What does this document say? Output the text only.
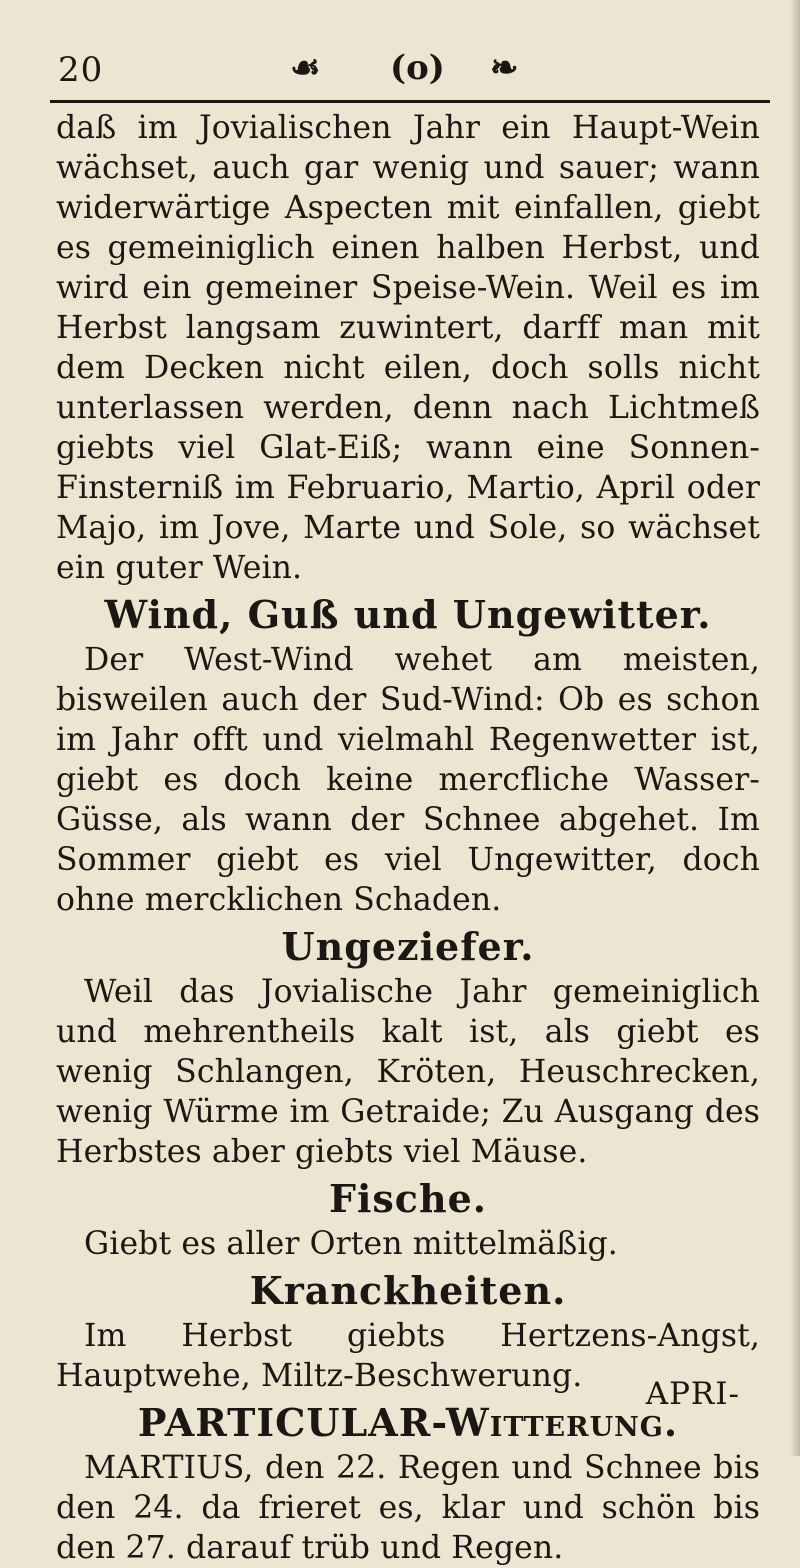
20	☙ (o) ❧

daß im Jovialischen Jahr ein Haupt-Wein wächset, auch gar wenig und sauer; wann widerwärtige Aspecten mit einfallen, giebt es gemeiniglich einen halben Herbst, und wird ein gemeiner Speise-Wein. Weil es im Herbst langsam zuwintert, darff man mit dem Decken nicht eilen, doch solls nicht unterlassen werden, denn nach Lichtmeß giebts viel Glat-Eiß; wann eine Sonnen-Finsterniß im Februario, Martio, April oder Majo, im Jove, Marte und Sole, so wächset ein guter Wein.

Wind, Guß und Ungewitter.

Der West-Wind wehet am meisten, bisweilen auch der Sud-Wind: Ob es schon im Jahr offt und vielmahl Regenwetter ist, giebt es doch keine mercfliche Wasser-Güsse, als wann der Schnee abgehet. Im Sommer giebt es viel Ungewitter, doch ohne mercklichen Schaden.

Ungeziefer.

Weil das Jovialische Jahr gemeiniglich und mehrentheils kalt ist, als giebt es wenig Schlangen, Kröten, Heuschrecken, wenig Würme im Getraide; Zu Ausgang des Herbstes aber giebts viel Mäuse.

Fische.

Giebt es aller Orten mittelmäßig.

Kranckheiten.

Im Herbst giebts Hertzens-Angst, Hauptwehe, Miltz-Beschwerung.

PARTICULAR-Witterung.

MARTIUS, den 22. Regen und Schnee bis den 24. da frieret es, klar und schön bis den 27. darauf trüb und Regen.

APRI-
